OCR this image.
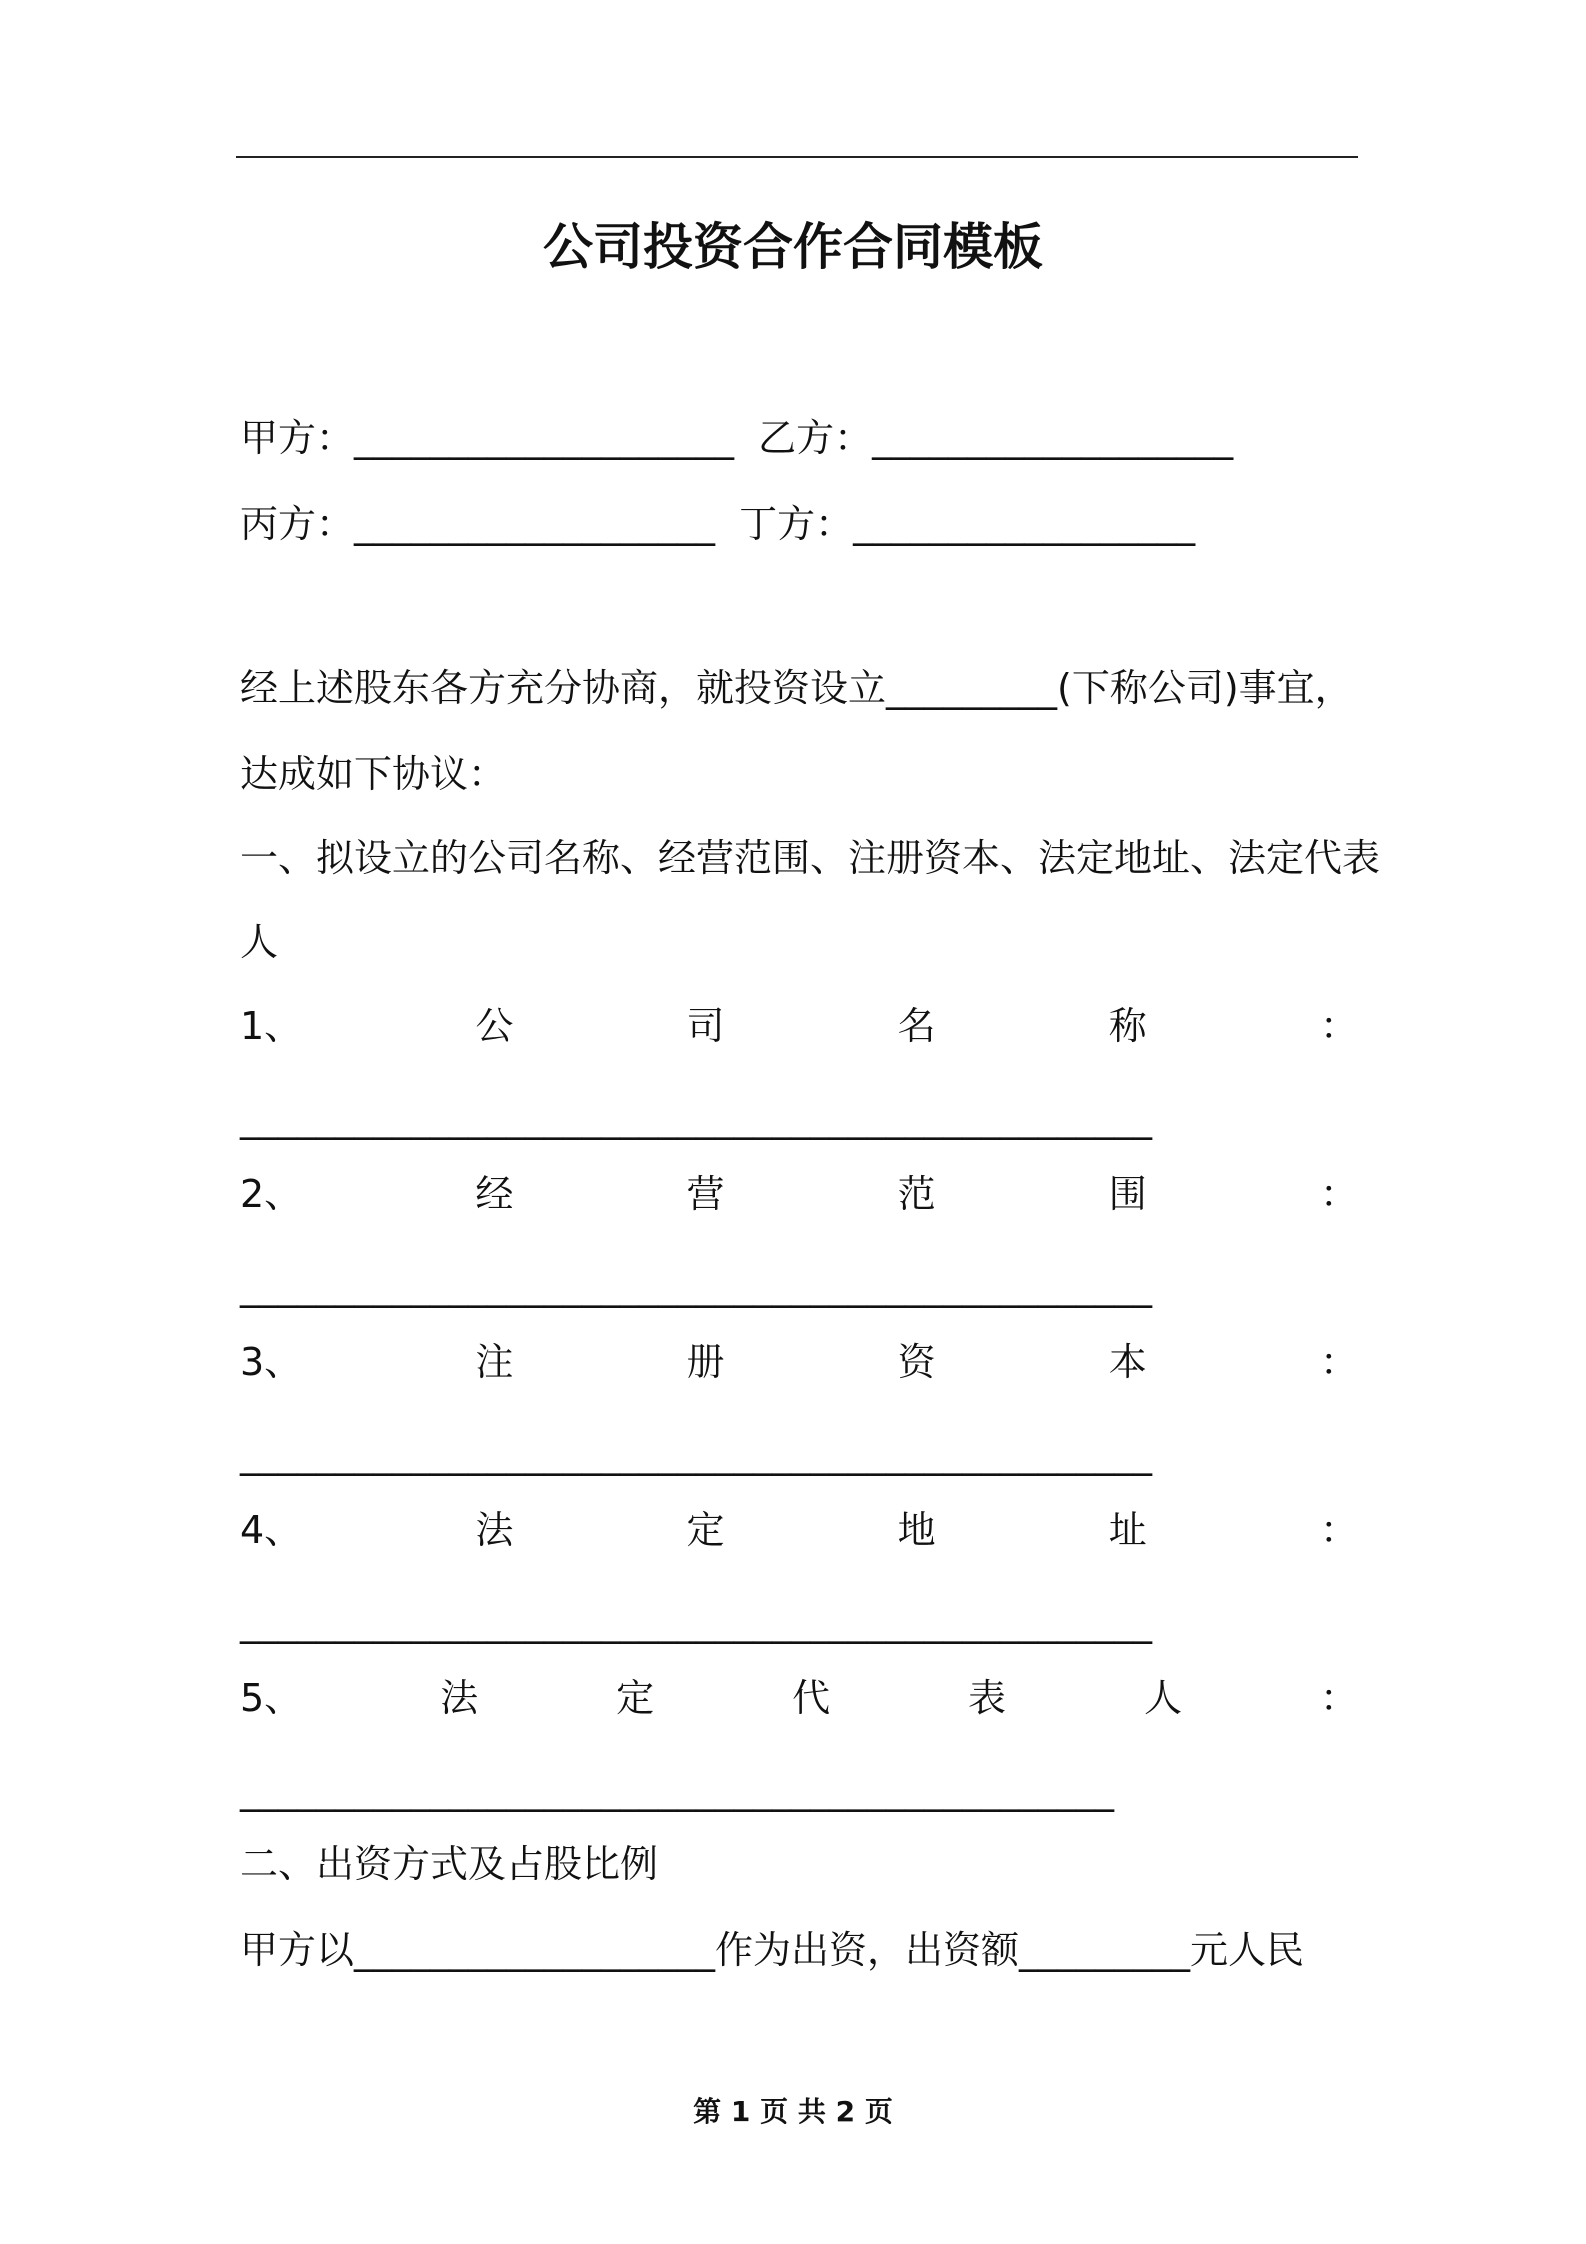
公司投资合作合同模板
甲方：____________________  乙方：___________________
丙方：___________________  丁方：__________________
经上述股东各方充分协商，就投资设立_________(下称公司)事宜，
达成如下协议：
一、拟设立的公司名称、经营范围、注册资本、法定地址、法定代表
人
1、	公	司	名	称	：
________________________________________________
2、	经	营	范	围	：
________________________________________________
3、	注	册	资	本	：
________________________________________________
4、	法	定	地	址	：
________________________________________________
5、	法	定	代	表	人	：
______________________________________________
二、出资方式及占股比例
甲方以___________________作为出资，出资额_________元人民
第 1 页 共 2 页
